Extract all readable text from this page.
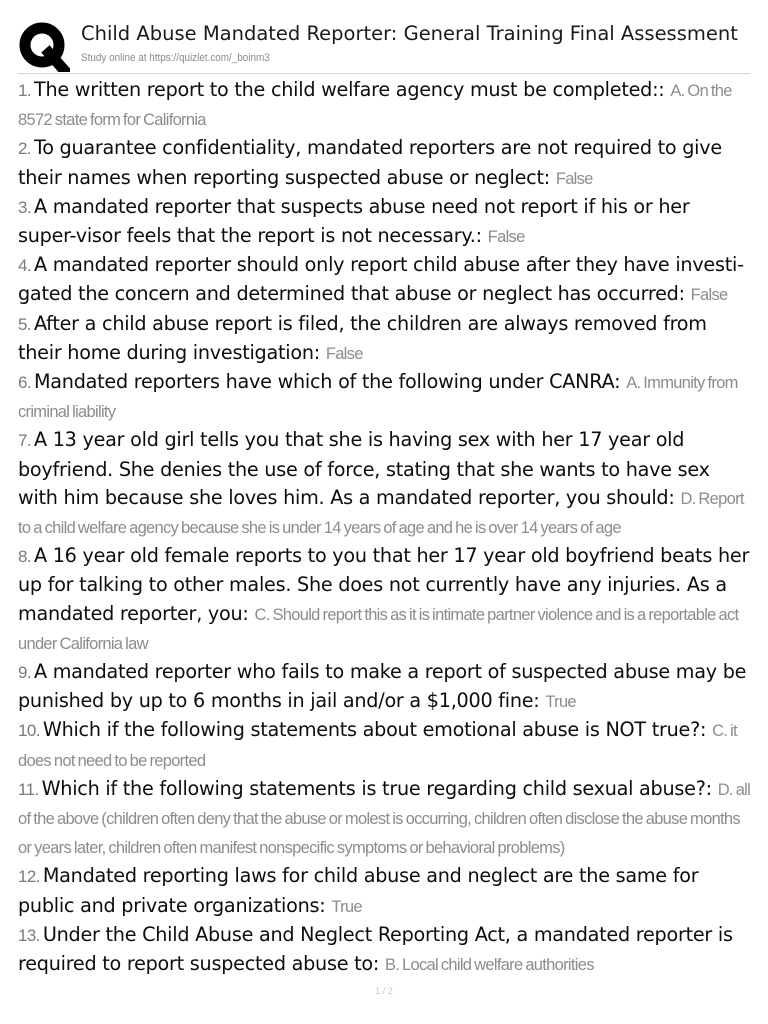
Child Abuse Mandated Reporter: General Training Final Assessment
Study online at https://quizlet.com/_boinm3
1. The written report to the child welfare agency must be completed:: A. On the 8572 state form for California
2. To guarantee confidentiality, mandated reporters are not required to give their names when reporting suspected abuse or neglect: False
3. A mandated reporter that suspects abuse need not report if his or her super-visor feels that the report is not necessary.: False
4. A mandated reporter should only report child abuse after they have investi-gated the concern and determined that abuse or neglect has occurred: False
5. After a child abuse report is filed, the children are always removed from their home during investigation: False
6. Mandated reporters have which of the following under CANRA: A. Immunity from criminal liability
7. A 13 year old girl tells you that she is having sex with her 17 year old boyfriend. She denies the use of force, stating that she wants to have sex with him because she loves him. As a mandated reporter, you should: D. Report to a child welfare agency because she is under 14 years of age and he is over 14 years of age
8. A 16 year old female reports to you that her 17 year old boyfriend beats her up for talking to other males. She does not currently have any injuries. As a mandated reporter, you: C. Should report this as it is intimate partner violence and is a reportable act under California law
9. A mandated reporter who fails to make a report of suspected abuse may be punished by up to 6 months in jail and/or a $1,000 fine: True
10. Which if the following statements about emotional abuse is NOT true?: C. it does not need to be reported
11. Which if the following statements is true regarding child sexual abuse?: D. all of the above (children often deny that the abuse or molest is occurring, children often disclose the abuse months or years later, children often manifest nonspecific symptoms or behavioral problems)
12. Mandated reporting laws for child abuse and neglect are the same for public and private organizations: True
13. Under the Child Abuse and Neglect Reporting Act, a mandated reporter is required to report suspected abuse to: B. Local child welfare authorities
1 / 2
